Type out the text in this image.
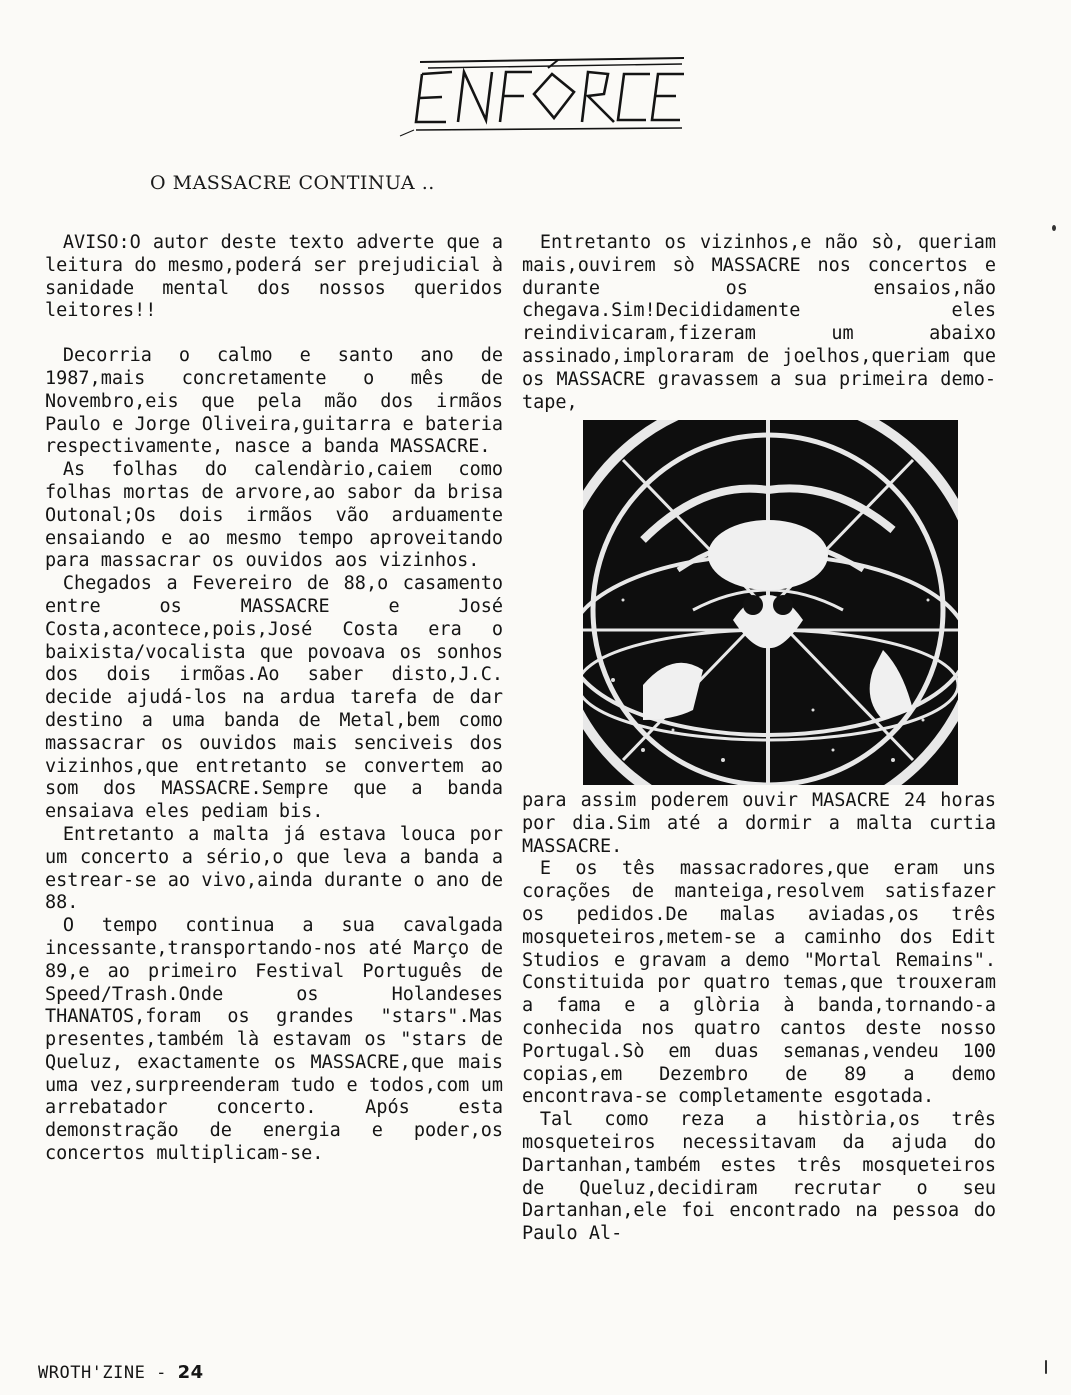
ENFORCE
O MASSACRE CONTINUA ..

AVISO:O autor deste texto adverte que a leitura do mesmo,poderá ser prejudicial à sanidade mental dos nossos queridos leitores!!

Decorria o calmo e santo ano de 1987,mais concretamente o mês de Novembro,eis que pela mão dos irmãos Paulo e Jorge Oliveira,guitarra e bateria respectivamente, nasce a banda MASSACRE.

As folhas do calendàrio,caiem como folhas mortas de arvore,ao sabor da brisa Outonal;Os dois irmãos vão arduamente ensaiando e ao mesmo tempo aproveitando para massacrar os ouvidos aos vizinhos.

Chegados a Fevereiro de 88,o casamento entre os MASSACRE e José Costa,acontece,pois,José Costa era o baixista/vocalista que povoava os sonhos dos dois irmõas.Ao saber disto,J.C. decide ajudá-los na ardua tarefa de dar destino a uma banda de Metal,bem como massacrar os ouvidos mais senciveis dos vizinhos,que entretanto se convertem ao som dos MASSACRE.Sempre que a banda ensaiava eles pediam bis.

Entretanto a malta já estava louca por um concerto a sério,o que leva a banda a estrear-se ao vivo,ainda durante o ano de 88.

O tempo continua a sua cavalgada incessante,transportando-nos até Março de 89,e ao primeiro Festival Português de Speed/Trash.Onde os Holandeses THANATOS,foram os grandes "stars".Mas presentes,também là estavam os "stars de Queluz, exactamente os MASSACRE,que mais uma vez,surpreenderam tudo e todos,com um arrebatador concerto. Após esta demonstração de energia e poder,os concertos multiplicam-se.

Entretanto os vizinhos,e não sò, queriam mais,ouvirem sò MASSACRE nos concertos e durante os ensaios,não chegava.Sim!Decididamente eles reindivicaram,fizeram um abaixo assinado,imploraram de joelhos,queriam que os MASSACRE gravassem a sua primeira demo-tape,

para assim poderem ouvir MASACRE 24 horas por dia.Sim até a dormir a malta curtia MASSACRE.

E os tês massacradores,que eram uns corações de manteiga,resolvem satisfazer os pedidos.De malas aviadas,os três mosqueteiros,metem-se a caminho dos Edit Studios e gravam a demo "Mortal Remains". Constituida por quatro temas,que trouxeram a fama e a glòria à banda,tornando-a conhecida nos quatro cantos deste nosso Portugal.Sò em duas semanas,vendeu 100 copias,em Dezembro de 89 a demo encontrava-se completamente esgotada.

Tal como reza a història,os três mosqueteiros necessitavam da ajuda do Dartanhan,também estes três mosqueteiros de Queluz,decidiram recrutar o seu Dartanhan,ele foi encontrado na pessoa do Paulo Al-

WROTH'ZINE - 24
